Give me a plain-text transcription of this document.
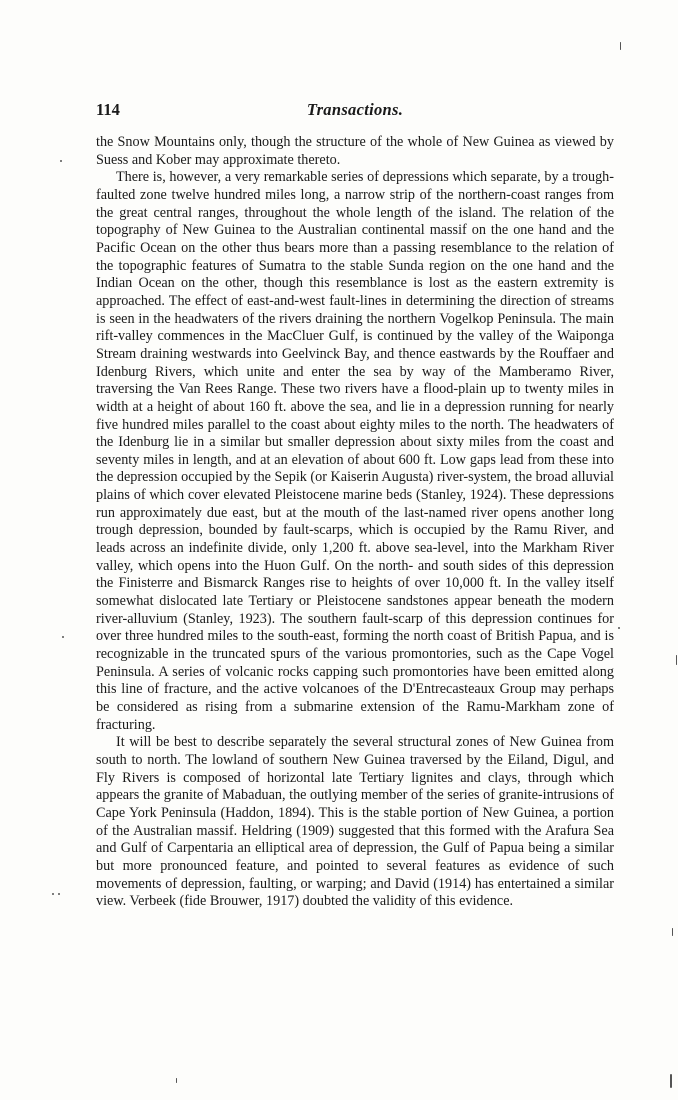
114	Transactions.

the Snow Mountains only, though the structure of the whole of New Guinea as viewed by Suess and Kober may approximate thereto.

There is, however, a very remarkable series of depressions which separate, by a trough-faulted zone twelve hundred miles long, a narrow strip of the northern-coast ranges from the great central ranges, throughout the whole length of the island. The relation of the topography of New Guinea to the Australian continental massif on the one hand and the Pacific Ocean on the other thus bears more than a passing resemblance to the relation of the topographic features of Sumatra to the stable Sunda region on the one hand and the Indian Ocean on the other, though this resemblance is lost as the eastern extremity is approached. The effect of east-and-west fault-lines in determining the direction of streams is seen in the headwaters of the rivers draining the northern Vogelkop Peninsula. The main rift-valley commences in the MacCluer Gulf, is continued by the valley of the Waiponga Stream draining westwards into Geelvinck Bay, and thence eastwards by the Rouffaer and Idenburg Rivers, which unite and enter the sea by way of the Mamberamo River, traversing the Van Rees Range. These two rivers have a flood-plain up to twenty miles in width at a height of about 160 ft. above the sea, and lie in a depression running for nearly five hundred miles parallel to the coast about eighty miles to the north. The headwaters of the Idenburg lie in a similar but smaller depression about sixty miles from the coast and seventy miles in length, and at an elevation of about 600 ft. Low gaps lead from these into the depression occupied by the Sepik (or Kaiserin Augusta) river-system, the broad alluvial plains of which cover elevated Pleistocene marine beds (Stanley, 1924). These depressions run approximately due east, but at the mouth of the last-named river opens another long trough depression, bounded by fault-scarps, which is occupied by the Ramu River, and leads across an indefinite divide, only 1,200 ft. above sea-level, into the Markham River valley, which opens into the Huon Gulf. On the north- and south sides of this depression the Finisterre and Bismarck Ranges rise to heights of over 10,000 ft. In the valley itself somewhat dislocated late Tertiary or Pleistocene sandstones appear beneath the modern river-alluvium (Stanley, 1923). The southern fault-scarp of this depression continues for over three hundred miles to the south-east, forming the north coast of British Papua, and is recognizable in the truncated spurs of the various promontories, such as the Cape Vogel Peninsula. A series of volcanic rocks capping such promontories have been emitted along this line of fracture, and the active volcanoes of the D'Entrecasteaux Group may perhaps be considered as rising from a submarine extension of the Ramu-Markham zone of fracturing.

It will be best to describe separately the several structural zones of New Guinea from south to north. The lowland of southern New Guinea traversed by the Eiland, Digul, and Fly Rivers is composed of horizontal late Tertiary lignites and clays, through which appears the granite of Mabaduan, the outlying member of the series of granite-intrusions of Cape York Peninsula (Haddon, 1894). This is the stable portion of New Guinea, a portion of the Australian massif. Heldring (1909) suggested that this formed with the Arafura Sea and Gulf of Carpentaria an elliptical area of depression, the Gulf of Papua being a similar but more pronounced feature, and pointed to several features as evidence of such movements of depression, faulting, or warping; and David (1914) has entertained a similar view. Verbeek (fide Brouwer, 1917) doubted the validity of this evidence.
